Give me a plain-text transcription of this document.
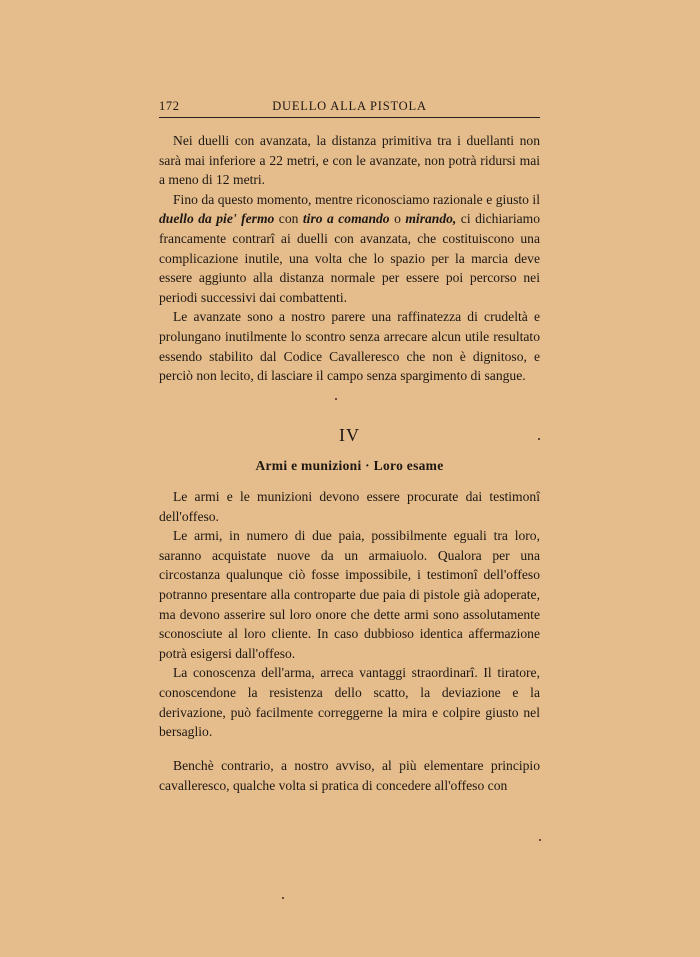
172	DUELLO ALLA PISTOLA

Nei duelli con avanzata, la distanza primitiva tra i duellanti non sarà mai inferiore a 22 metri, e con le avanzate, non potrà ridursi mai a meno di 12 metri.

Fino da questo momento, mentre riconosciamo razionale e giusto il duello da pie' fermo con tiro a comando o mirando, ci dichiariamo francamente contrarî ai duelli con avanzata, che costituiscono una complicazione inutile, una volta che lo spazio per la marcia deve essere aggiunto alla distanza normale per essere poi percorso nei periodi successivi dai combattenti.

Le avanzate sono a nostro parere una raffinatezza di crudeltà e prolungano inutilmente lo scontro senza arrecare alcun utile resultato essendo stabilito dal Codice Cavalleresco che non è dignitoso, e perciò non lecito, di lasciare il campo senza spargimento di sangue.

IV
Armi e munizioni · Loro esame

Le armi e le munizioni devono essere procurate dai testimonî dell'offeso.

Le armi, in numero di due paia, possibilmente eguali tra loro, saranno acquistate nuove da un armaiuolo. Qualora per una circostanza qualunque ciò fosse impossibile, i testimonî dell'offeso potranno presentare alla controparte due paia di pistole già adoperate, ma devono asserire sul loro onore che dette armi sono assolutamente sconosciute al loro cliente. In caso dubbioso identica affermazione potrà esigersi dall'offeso.

La conoscenza dell'arma, arreca vantaggi straordinarî. Il tiratore, conoscendone la resistenza dello scatto, la deviazione e la derivazione, può facilmente correggerne la mira e colpire giusto nel bersaglio.

Benchè contrario, a nostro avviso, al più elementare principio cavalleresco, qualche volta si pratica di concedere all'offeso con
